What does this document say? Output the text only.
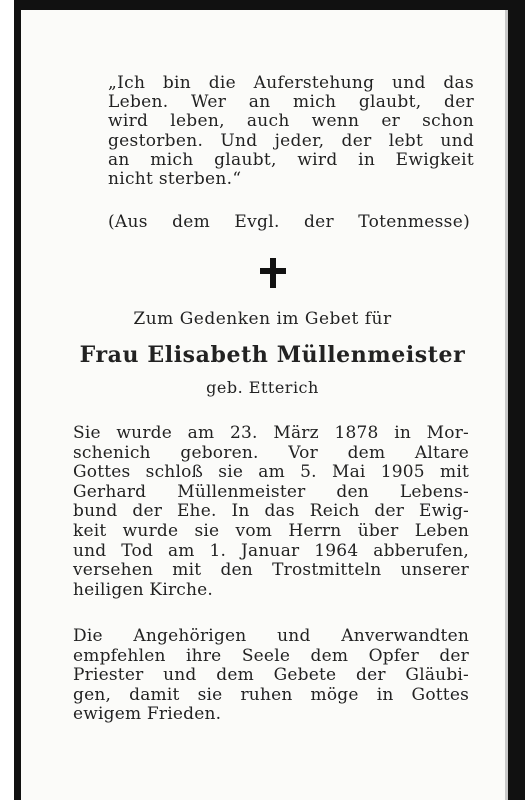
„Ich bin die Auferstehung und das
Leben. Wer an mich glaubt, der
wird leben, auch wenn er schon
gestorben. Und jeder, der lebt und
an mich glaubt, wird in Ewigkeit
nicht sterben.“
(Aus dem Evgl. der Totenmesse)
Zum Gedenken im Gebet für
Frau Elisabeth Müllenmeister
geb. Etterich
Sie wurde am 23. März 1878 in Mor-
schenich geboren. Vor dem Altare
Gottes schloß sie am 5. Mai 1905 mit
Gerhard Müllenmeister den Lebens-
bund der Ehe. In das Reich der Ewig-
keit wurde sie vom Herrn über Leben
und Tod am 1. Januar 1964 abberufen,
versehen mit den Trostmitteln unserer
heiligen Kirche.
Die Angehörigen und Anverwandten
empfehlen ihre Seele dem Opfer der
Priester und dem Gebete der Gläubi-
gen, damit sie ruhen möge in Gottes
ewigem Frieden.
